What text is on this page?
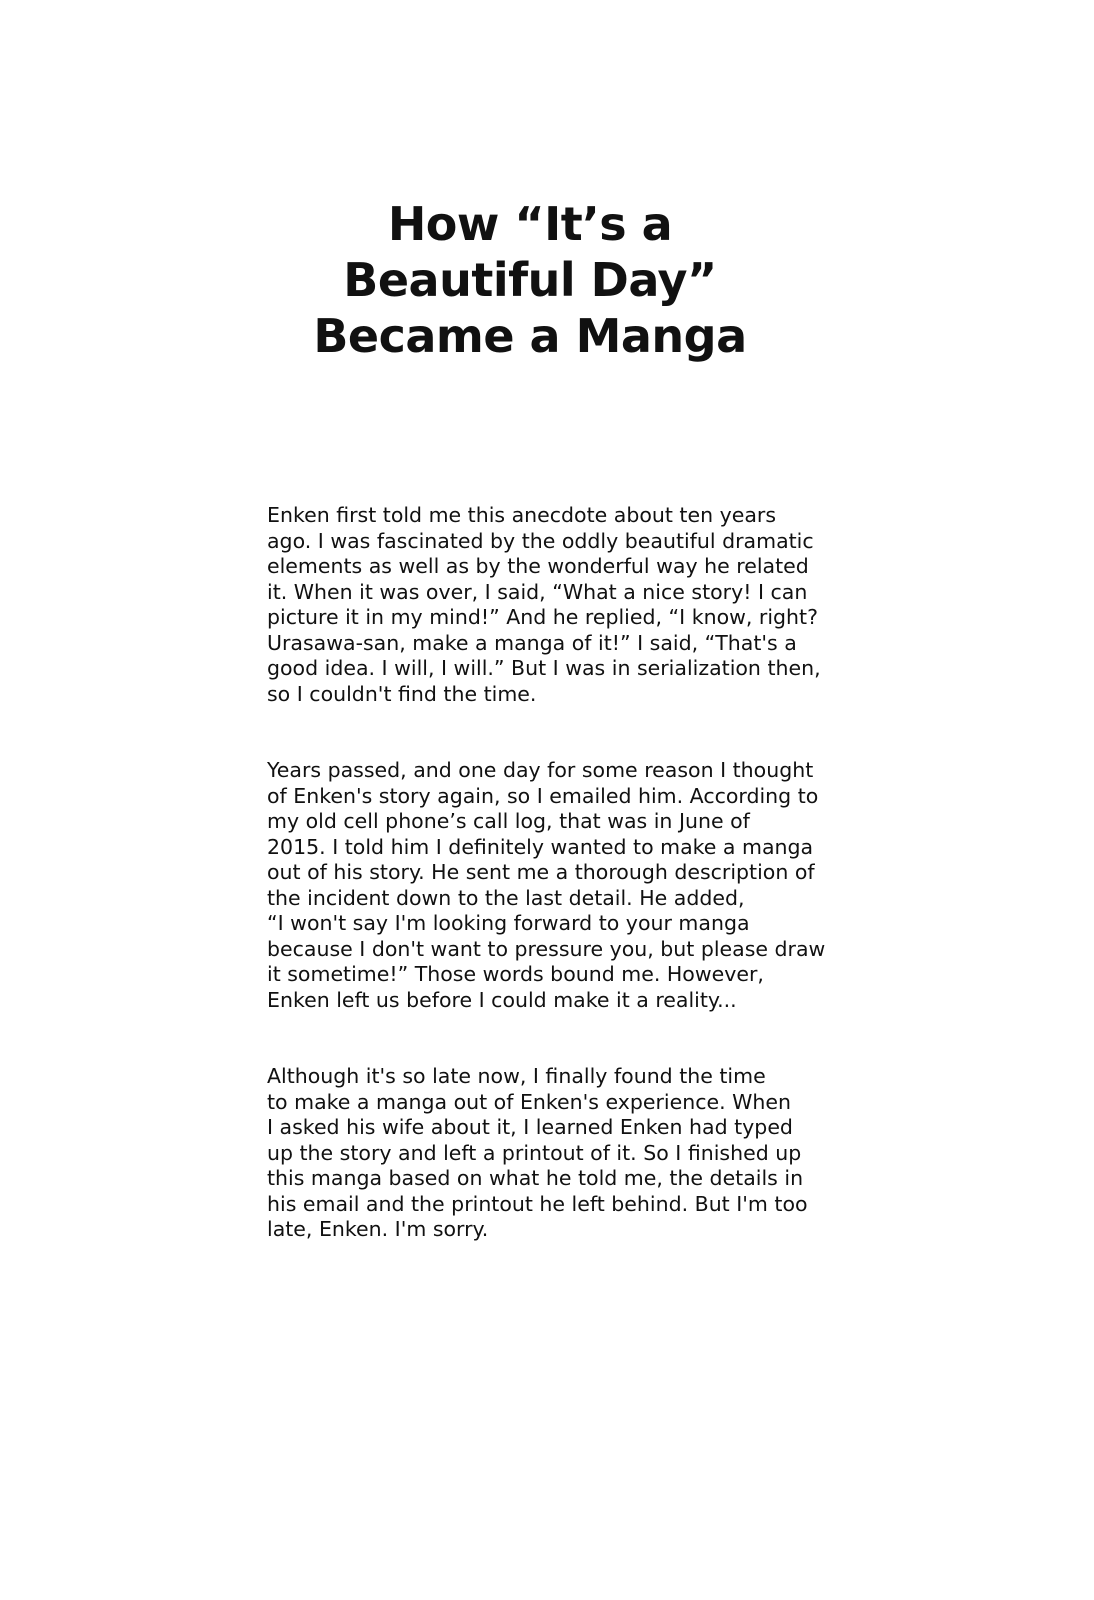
How “It’s a
Beautiful Day”
Became a Manga

Enken first told me this anecdote about ten years
ago. I was fascinated by the oddly beautiful dramatic
elements as well as by the wonderful way he related
it. When it was over, I said, “What a nice story! I can
picture it in my mind!” And he replied, “I know, right?
Urasawa-san, make a manga of it!” I said, “That's a
good idea. I will, I will.” But I was in serialization then,
so I couldn't find the time.

Years passed, and one day for some reason I thought
of Enken's story again, so I emailed him. According to
my old cell phone’s call log, that was in June of
2015. I told him I definitely wanted to make a manga
out of his story. He sent me a thorough description of
the incident down to the last detail. He added,
“I won't say I'm looking forward to your manga
because I don't want to pressure you, but please draw
it sometime!” Those words bound me. However,
Enken left us before I could make it a reality...

Although it's so late now, I finally found the time
to make a manga out of Enken's experience. When
I asked his wife about it, I learned Enken had typed
up the story and left a printout of it. So I finished up
this manga based on what he told me, the details in
his email and the printout he left behind. But I'm too
late, Enken. I'm sorry.
